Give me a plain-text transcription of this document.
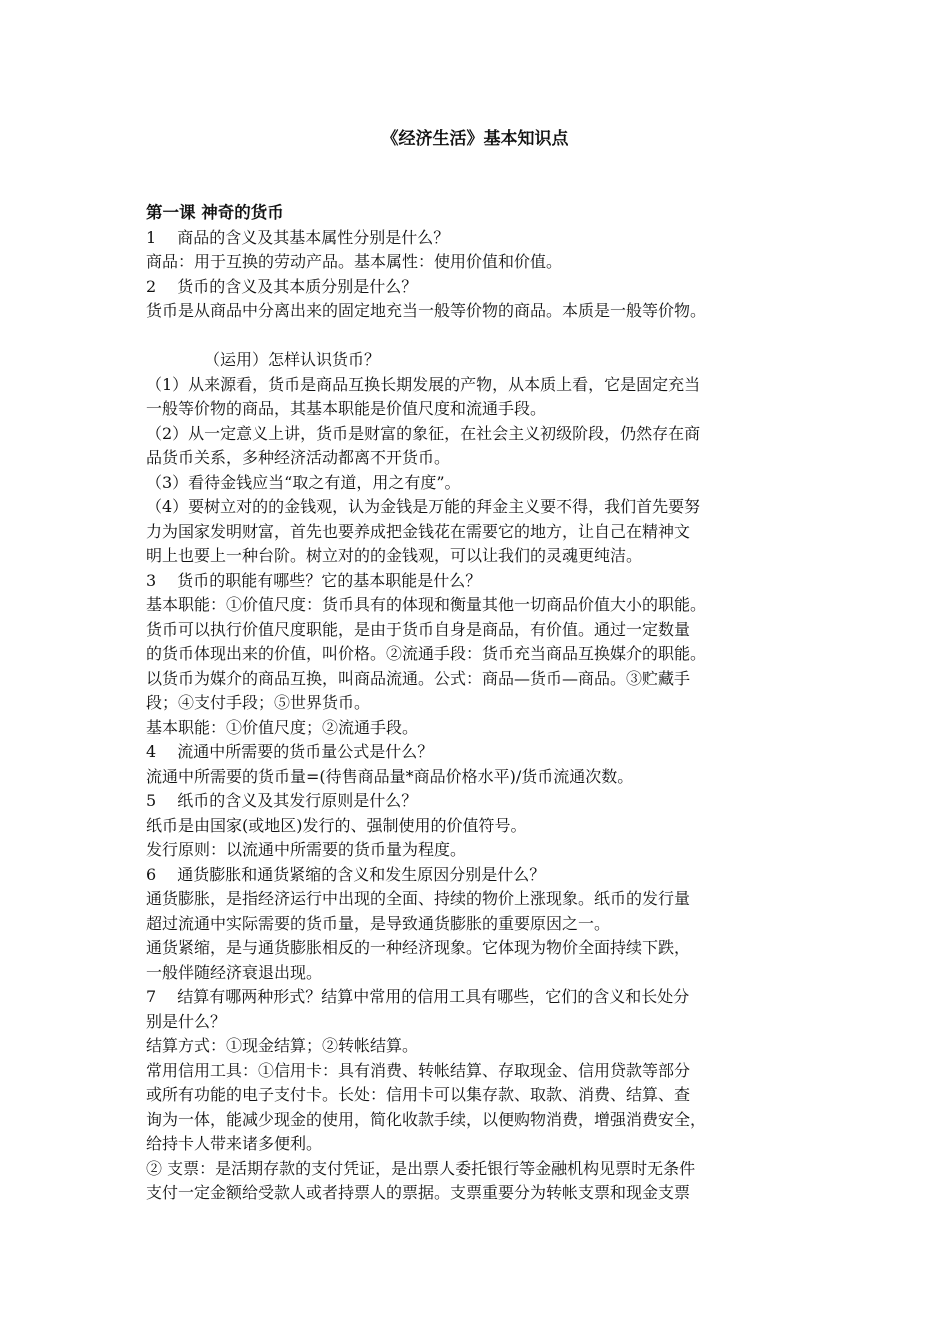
《经济生活》基本知识点

第一课 神奇的货币

1　 商品的含义及其基本属性分别是什么？

商品：用于互换的劳动产品。基本属性：使用价值和价值。

2　 货币的含义及其本质分别是什么？

货币是从商品中分离出来的固定地充当一般等价物的商品。本质是一般等价物。

（运用）怎样认识货币？

（1）从来源看，货币是商品互换长期发展的产物，从本质上看，它是固定充当

一般等价物的商品，其基本职能是价值尺度和流通手段。

（2）从一定意义上讲，货币是财富的象征，在社会主义初级阶段，仍然存在商

品货币关系，多种经济活动都离不开货币。

（3）看待金钱应当“取之有道，用之有度”。

（4）要树立对的的金钱观，认为金钱是万能的拜金主义要不得，我们首先要努

力为国家发明财富，首先也要养成把金钱花在需要它的地方，让自己在精神文

明上也要上一种台阶。树立对的的金钱观，可以让我们的灵魂更纯洁。

3　 货币的职能有哪些？它的基本职能是什么？

基本职能：①价值尺度：货币具有的体现和衡量其他一切商品价值大小的职能。

货币可以执行价值尺度职能，是由于货币自身是商品，有价值。通过一定数量

的货币体现出来的价值，叫价格。②流通手段：货币充当商品互换媒介的职能。

以货币为媒介的商品互换，叫商品流通。公式：商品—货币—商品。③贮藏手

段；④支付手段；⑤世界货币。

基本职能：①价值尺度；②流通手段。

4　 流通中所需要的货币量公式是什么？

流通中所需要的货币量=(待售商品量*商品价格水平)/货币流通次数。

5　 纸币的含义及其发行原则是什么？

纸币是由国家(或地区)发行的、强制使用的价值符号。

发行原则：以流通中所需要的货币量为程度。

6　 通货膨胀和通货紧缩的含义和发生原因分别是什么？

通货膨胀，是指经济运行中出现的全面、持续的物价上涨现象。纸币的发行量

超过流通中实际需要的货币量，是导致通货膨胀的重要原因之一。

通货紧缩，是与通货膨胀相反的一种经济现象。它体现为物价全面持续下跌，

一般伴随经济衰退出现。

7　 结算有哪两种形式？结算中常用的信用工具有哪些，它们的含义和长处分

别是什么？

结算方式：①现金结算；②转帐结算。

常用信用工具：①信用卡：具有消费、转帐结算、存取现金、信用贷款等部分

或所有功能的电子支付卡。长处：信用卡可以集存款、取款、消费、结算、查

询为一体，能减少现金的使用，简化收款手续，以便购物消费，增强消费安全，

给持卡人带来诸多便利。

② 支票：是活期存款的支付凭证，是出票人委托银行等金融机构见票时无条件

支付一定金额给受款人或者持票人的票据。支票重要分为转帐支票和现金支票
